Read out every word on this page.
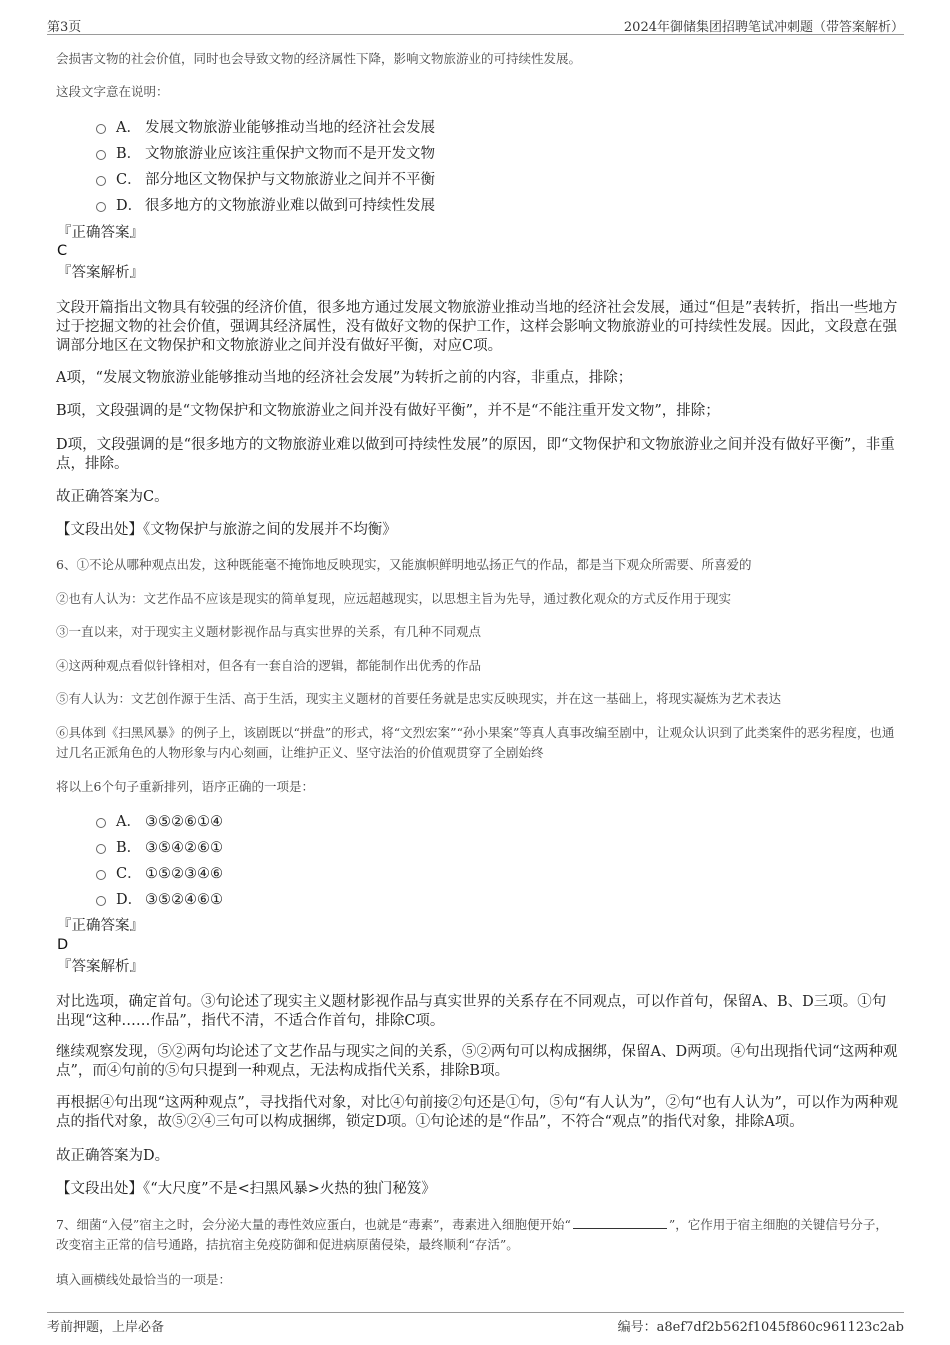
第3页	2024年御储集团招聘笔试冲刺题（带答案解析）

会损害文物的社会价值，同时也会导致文物的经济属性下降，影响文物旅游业的可持续性发展。

这段文字意在说明：

A． 发展文物旅游业能够推动当地的经济社会发展
B． 文物旅游业应该注重保护文物而不是开发文物
C． 部分地区文物保护与文物旅游业之间并不平衡
D． 很多地方的文物旅游业难以做到可持续性发展
『正确答案』
C
『答案解析』

文段开篇指出文物具有较强的经济价值，很多地方通过发展文物旅游业推动当地的经济社会发展，通过“但是”表转折，指出一些地方过于挖掘文物的社会价值，强调其经济属性，没有做好文物的保护工作，这样会影响文物旅游业的可持续性发展。因此，文段意在强调部分地区在文物保护和文物旅游业之间并没有做好平衡，对应C项。

A项，“发展文物旅游业能够推动当地的经济社会发展”为转折之前的内容，非重点，排除；

B项，文段强调的是“文物保护和文物旅游业之间并没有做好平衡”，并不是“不能注重开发文物”，排除；

D项，文段强调的是“很多地方的文物旅游业难以做到可持续性发展”的原因，即“文物保护和文物旅游业之间并没有做好平衡”，非重点，排除。

故正确答案为C。

【文段出处】《文物保护与旅游之间的发展并不均衡》

6、①不论从哪种观点出发，这种既能毫不掩饰地反映现实，又能旗帜鲜明地弘扬正气的作品，都是当下观众所需要、所喜爱的

②也有人认为：文艺作品不应该是现实的简单复现，应远超越现实，以思想主旨为先导，通过教化观众的方式反作用于现实

③一直以来，对于现实主义题材影视作品与真实世界的关系，有几种不同观点

④这两种观点看似针锋相对，但各有一套自洽的逻辑，都能制作出优秀的作品

⑤有人认为：文艺创作源于生活、高于生活，现实主义题材的首要任务就是忠实反映现实，并在这一基础上，将现实凝炼为艺术表达

⑥具体到《扫黑风暴》的例子上，该剧既以“拼盘”的形式，将“文烈宏案”“孙小果案”等真人真事改编至剧中，让观众认识到了此类案件的恶劣程度，也通过几名正派角色的人物形象与内心刻画，让维护正义、坚守法治的价值观贯穿了全剧始终

将以上6个句子重新排列，语序正确的一项是：

A． ③⑤②⑥①④
B． ③⑤④②⑥①
C． ①⑤②③④⑥
D． ③⑤②④⑥①
『正确答案』
D
『答案解析』

对比选项，确定首句。③句论述了现实主义题材影视作品与真实世界的关系存在不同观点，可以作首句，保留A、B、D三项。①句出现“这种……作品”，指代不清，不适合作首句，排除C项。

继续观察发现，⑤②两句均论述了文艺作品与现实之间的关系，⑤②两句可以构成捆绑，保留A、D两项。④句出现指代词“这两种观点”，而④句前的⑤句只提到一种观点，无法构成指代关系，排除B项。

再根据④句出现“这两种观点”，寻找指代对象，对比④句前接②句还是①句，⑤句“有人认为”，②句“也有人认为”，可以作为两种观点的指代对象，故⑤②④三句可以构成捆绑，锁定D项。①句论述的是“作品”，不符合“观点”的指代对象，排除A项。

故正确答案为D。

【文段出处】《“大尺度”不是<扫黑风暴>火热的独门秘笈》

7、细菌“入侵”宿主之时，会分泌大量的毒性效应蛋白，也就是“毒素”，毒素进入细胞便开始“	”，它作用于宿主细胞的关键信号分子，改变宿主正常的信号通路，拮抗宿主免疫防御和促进病原菌侵染，最终顺利“存活”。

填入画横线处最恰当的一项是：

考前押题，上岸必备	编号：a8ef7df2b562f1045f860c961123c2ab
